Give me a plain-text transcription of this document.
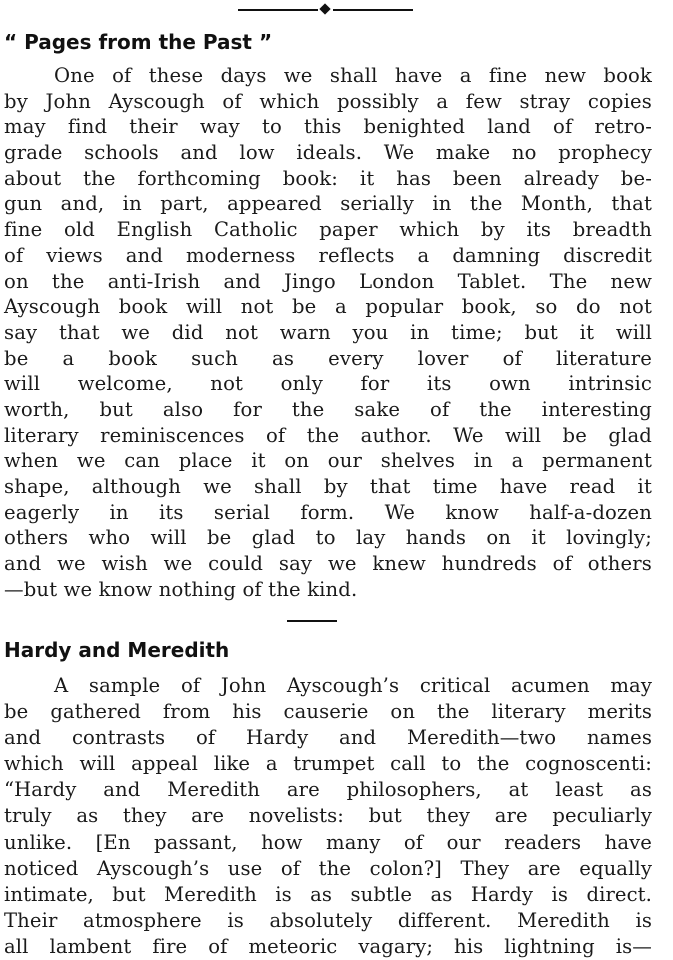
“ Pages from the Past ”
One of these days we shall have a fine new book
by John Ayscough of which possibly a few stray copies
may find their way to this benighted land of retro-
grade schools and low ideals. We make no prophecy
about the forthcoming book: it has been already be-
gun and, in part, appeared serially in the Month, that
fine old English Catholic paper which by its breadth
of views and moderness reflects a damning discredit
on the anti-Irish and Jingo London Tablet. The new
Ayscough book will not be a popular book, so do not
say that we did not warn you in time; but it will
be a book such as every lover of literature
will welcome, not only for its own intrinsic
worth, but also for the sake of the interesting
literary reminiscences of the author. We will be glad
when we can place it on our shelves in a permanent
shape, although we shall by that time have read it
eagerly in its serial form. We know half-a-dozen
others who will be glad to lay hands on it lovingly;
and we wish we could say we knew hundreds of others
—but we know nothing of the kind.
Hardy and Meredith
A sample of John Ayscough’s critical acumen may
be gathered from his causerie on the literary merits
and contrasts of Hardy and Meredith—two names
which will appeal like a trumpet call to the cognoscenti:
“Hardy and Meredith are philosophers, at least as
truly as they are novelists: but they are peculiarly
unlike. [En passant, how many of our readers have
noticed Ayscough’s use of the colon?] They are equally
intimate, but Meredith is as subtle as Hardy is direct.
Their atmosphere is absolutely different. Meredith is
all lambent fire of meteoric vagary; his lightning is—
